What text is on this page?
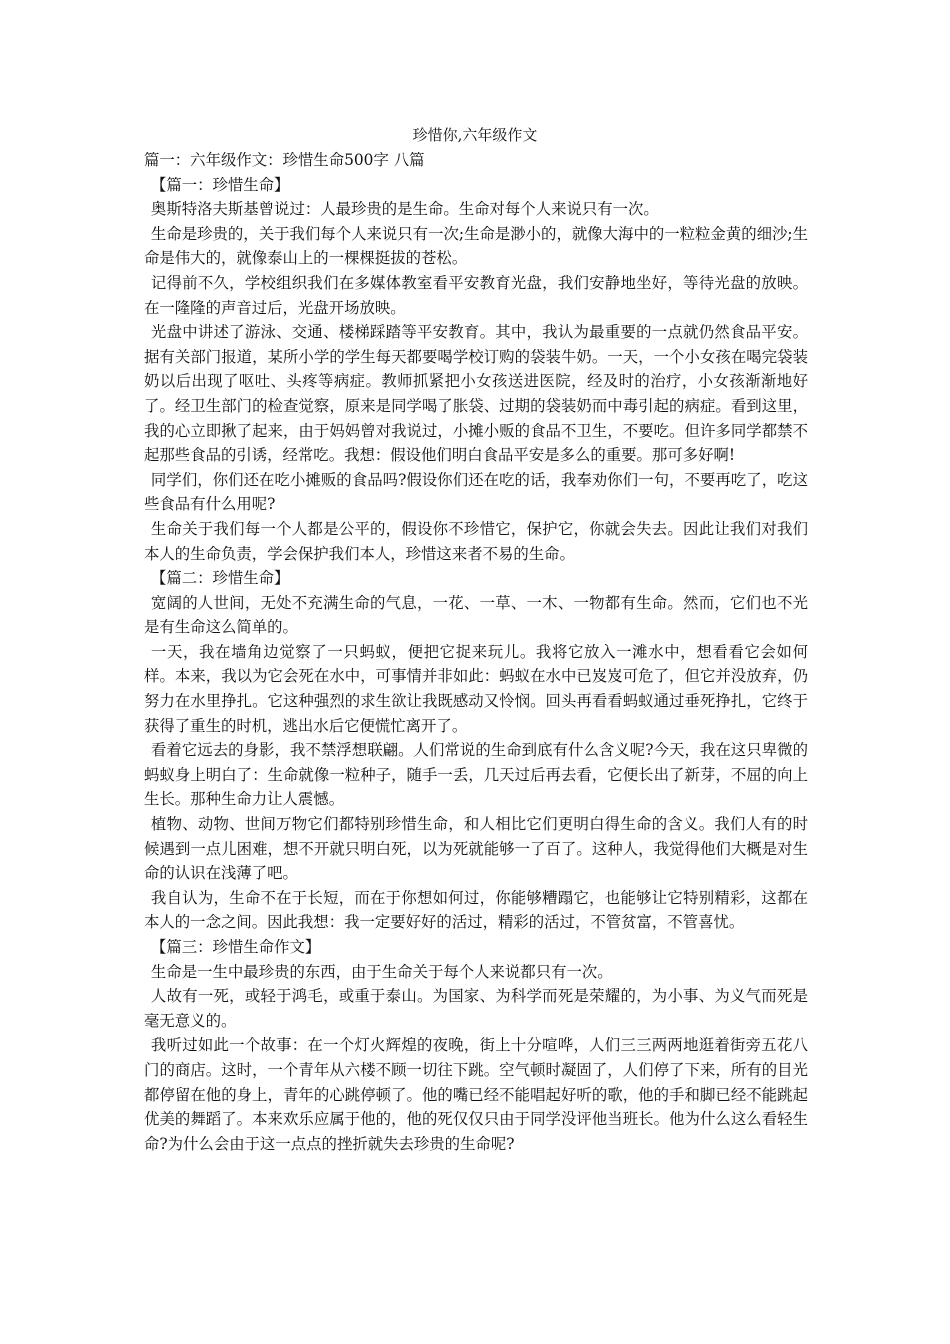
珍惜你,六年级作文

篇一：六年级作文：珍惜生命500字 八篇

【篇一：珍惜生命】

奥斯特洛夫斯基曾说过：人最珍贵的是生命。生命对每个人来说只有一次。

生命是珍贵的，关于我们每个人来说只有一次;生命是渺小的，就像大海中的一粒粒金黄的细沙;生命是伟大的，就像泰山上的一棵棵挺拔的苍松。

记得前不久，学校组织我们在多媒体教室看平安教育光盘，我们安静地坐好，等待光盘的放映。在一隆隆的声音过后，光盘开场放映。

光盘中讲述了游泳、交通、楼梯踩踏等平安教育。其中，我认为最重要的一点就仍然食品平安。据有关部门报道，某所小学的学生每天都要喝学校订购的袋装牛奶。一天，一个小女孩在喝完袋装奶以后出现了呕吐、头疼等病症。教师抓紧把小女孩送进医院，经及时的治疗，小女孩渐渐地好了。经卫生部门的检查觉察，原来是同学喝了胀袋、过期的袋装奶而中毒引起的病症。看到这里，我的心立即揪了起来，由于妈妈曾对我说过，小摊小贩的食品不卫生，不要吃。但许多同学都禁不起那些食品的引诱，经常吃。我想：假设他们明白食品平安是多么的重要。那可多好啊!

同学们，你们还在吃小摊贩的食品吗?假设你们还在吃的话，我奉劝你们一句，不要再吃了，吃这些食品有什么用呢?

生命关于我们每一个人都是公平的，假设你不珍惜它，保护它，你就会失去。因此让我们对我们本人的生命负责，学会保护我们本人，珍惜这来者不易的生命。

【篇二：珍惜生命】

宽阔的人世间，无处不充满生命的气息，一花、一草、一木、一物都有生命。然而，它们也不光是有生命这么简单的。

一天，我在墙角边觉察了一只蚂蚁，便把它捉来玩儿。我将它放入一滩水中，想看看它会如何样。本来，我以为它会死在水中，可事情并非如此：蚂蚁在水中已岌岌可危了，但它并没放弃，仍努力在水里挣扎。它这种强烈的求生欲让我既感动又怜悯。回头再看看蚂蚁通过垂死挣扎，它终于获得了重生的时机，逃出水后它便慌忙离开了。

看着它远去的身影，我不禁浮想联翩。人们常说的生命到底有什么含义呢?今天，我在这只卑微的蚂蚁身上明白了：生命就像一粒种子，随手一丢，几天过后再去看，它便长出了新芽，不屈的向上生长。那种生命力让人震憾。

植物、动物、世间万物它们都特别珍惜生命，和人相比它们更明白得生命的含义。我们人有的时候遇到一点儿困难，想不开就只明白死，以为死就能够一了百了。这种人，我觉得他们大概是对生命的认识在浅薄了吧。

我自认为，生命不在于长短，而在于你想如何过，你能够糟蹋它，也能够让它特别精彩，这都在本人的一念之间。因此我想：我一定要好好的活过，精彩的活过，不管贫富，不管喜忧。

【篇三：珍惜生命作文】

生命是一生中最珍贵的东西，由于生命关于每个人来说都只有一次。

人故有一死，或轻于鸿毛，或重于泰山。为国家、为科学而死是荣耀的，为小事、为义气而死是毫无意义的。

我听过如此一个故事：在一个灯火辉煌的夜晚，街上十分喧哗，人们三三两两地逛着街旁五花八门的商店。这时，一个青年从六楼不顾一切往下跳。空气顿时凝固了，人们停了下来，所有的目光都停留在他的身上，青年的心跳停顿了。他的嘴已经不能唱起好听的歌，他的手和脚已经不能跳起优美的舞蹈了。本来欢乐应属于他的，他的死仅仅只由于同学没评他当班长。他为什么这么看轻生命?为什么会由于这一点点的挫折就失去珍贵的生命呢?
